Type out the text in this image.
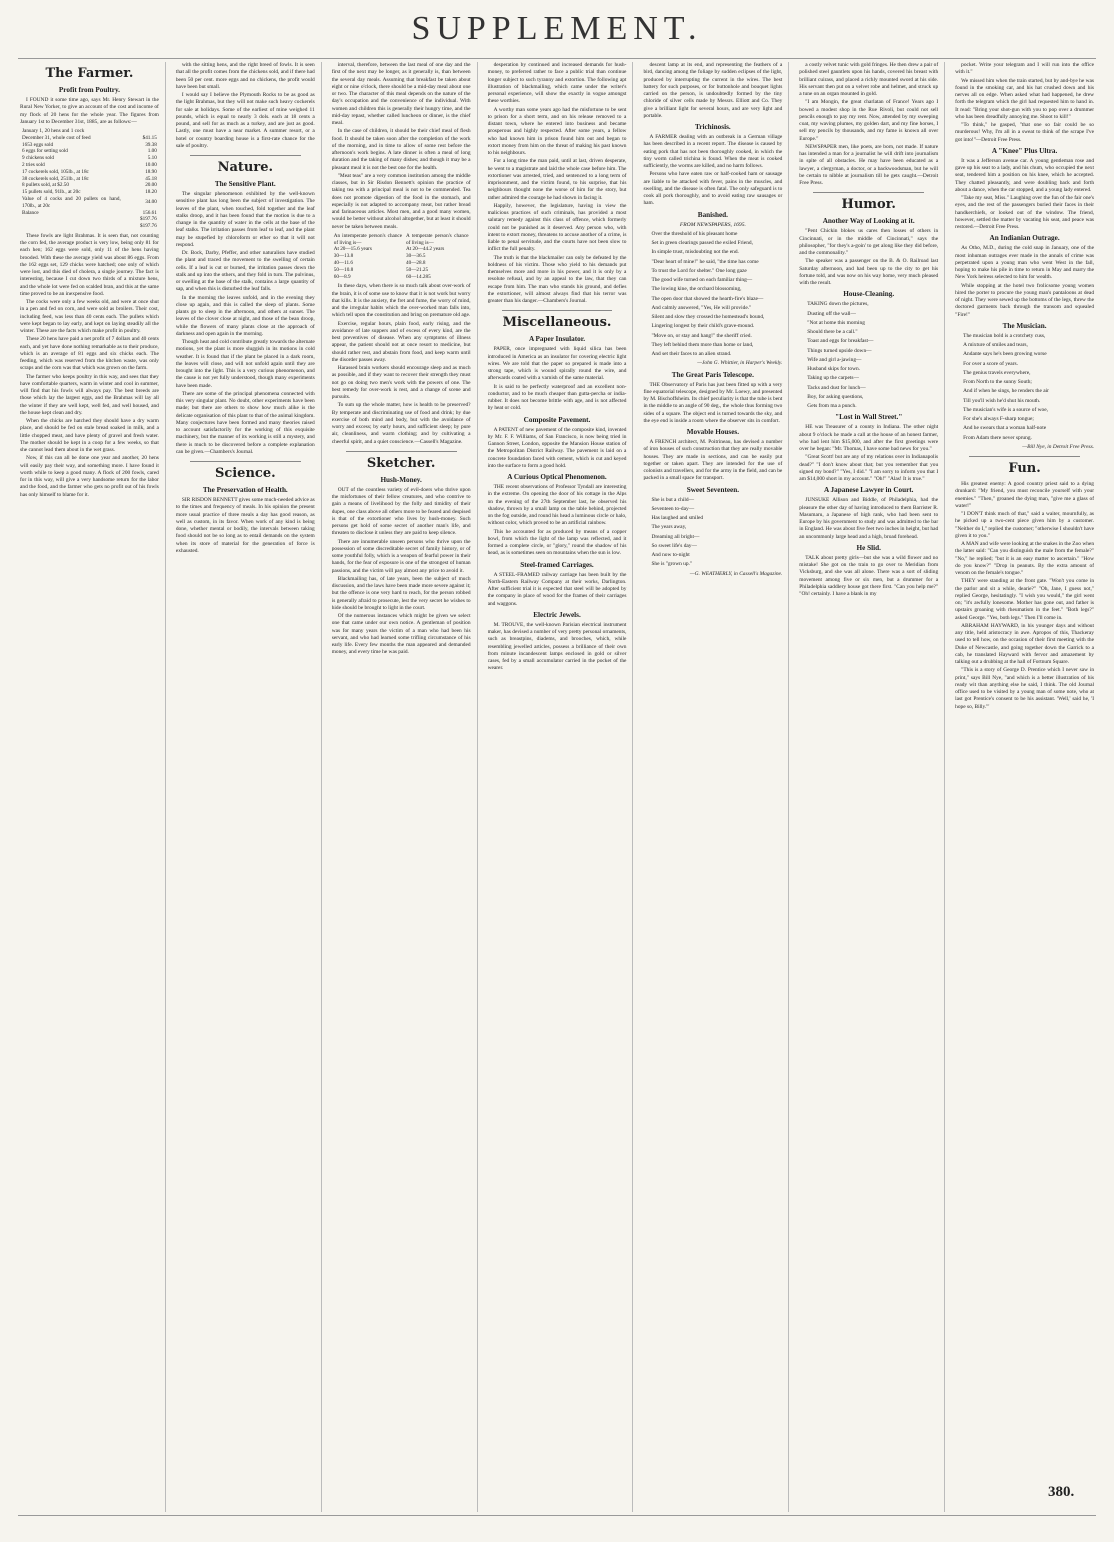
SUPPLEMENT.
The Farmer.
Profit from Poultry.

I FOUND it some time ago, says Mr. Henry Stewart in the Rural New Yorker, to give an account of the cost and income of my flock of 20 hens for the whole year. The figures from January 1st to December 31st, 1885, are as follows:—

January 1, 20 hens and 1 cock	
December 31, whole cost of feed	$41.15
1653 eggs sold	39.38
6 eggs for setting sold	1.00
9 chickens sold	5.10
2 tries sold	10.00
17 cockerels sold, 105lb., at 18c	18.90
38 cockerels sold, 251lb., at 18c	45.18
8 pullets sold, at $2.50	20.00
15 pullets sold, 91lb., at 20c	18.20
Value of 4 cocks and 20 pullets on hand, 170lb., at 20c	34.00
Balance	156.61
	$197.76 $197.76

These fowls are light Brahmas. It is seen that, not counting the corn fed, the average product is very low, being only 81 for each hen; 162 eggs were sold, only 11 of the hens having brooded. With these the average yield was about 86 eggs. From the 162 eggs set, 129 chicks were hatched; one only of which were lost, and this died of cholera, a single journey. The fact is interesting, because I cut down two thirds of a mixture hens, and the whole lot were fed on scalded bran, and this at the same time proved to be an inexpensive food.

The cocks were only a few weeks old, and were at once shut in a pen and fed on corn, and were sold as broilers. Their cost, including feed, was less than 40 cents each. The pullets which were kept began to lay early, and kept on laying steadily all the winter. These are the facts which make profit in poultry.

These 20 hens have paid a net profit of 7 dollars and 40 cents each, and yet have done nothing remarkable as to their produce, which is an average of 81 eggs and six chicks each. The feeding, which was reserved from the kitchen waste, was only scraps and the corn was that which was grown on the farm.

The farmer who keeps poultry in this way, and sees that they have comfortable quarters, warm in winter and cool in summer, will find that his fowls will always pay. The best breeds are those which lay the largest eggs, and the Brahmas will lay all the winter if they are well kept, well fed, and well housed, and the house kept clean and dry.

When the chicks are hatched they should have a dry warm place, and should be fed on stale bread soaked in milk, and a little chopped meat, and have plenty of gravel and fresh water. The mother should be kept in a coop for a few weeks, so that she cannot lead them about in the wet grass.

Now, if this can all be done one year and another, 20 hens will easily pay their way, and something more. I have found it worth while to keep a good many. A flock of 200 fowls, cared for in this way, will give a very handsome return for the labor and the food, and the farmer who gets no profit out of his fowls has only himself to blame for it.

with the sitting hens, and the right breed of fowls. It is seen that all the profit comes from the chickens sold, and if there had been 50 per cent. more eggs and no chickens, the profit would have been but small.

I would say I believe the Plymouth Rocks to be as good as the light Brahmas, but they will not make such heavy cockerels for sale at holidays. Some of the earliest of mine weighed 11 pounds, which is equal to nearly 3 dols. each at 18 cents a pound, and sell for as much as a turkey, and are just as good. Lastly, one must have a near market. A summer resort, or a hotel or country boarding house is a first-rate chance for the sale of poultry.

Nature.
The Sensitive Plant.

The singular phenomenon exhibited by the well-known sensitive plant has long been the subject of investigation. The leaves of the plant, when touched, fold together and the leaf stalks droop, and it has been found that the motion is due to a change in the quantity of water in the cells at the base of the leaf stalks. The irritation passes from leaf to leaf, and the plant may be stupefied by chloroform or ether so that it will not respond.

Dr. Bock, Darby, Pfeffer, and other naturalists have studied the plant and traced the movement to the swelling of certain cells. If a leaf is cut or burned, the irritation passes down the stalk and up into the others, and they fold in turn. The pulvinus, or swelling at the base of the stalk, contains a large quantity of sap, and when this is disturbed the leaf falls.

In the morning the leaves unfold, and in the evening they close up again, and this is called the sleep of plants. Some plants go to sleep in the afternoon, and others at sunset. The leaves of the clover close at night, and those of the bean droop, while the flowers of many plants close at the approach of darkness and open again in the morning.

Though heat and cold contribute greatly towards the alternate motions, yet the plant is more sluggish in its motions in cold weather. It is found that if the plant be placed in a dark room, the leaves will close, and will not unfold again until they are brought into the light. This is a very curious phenomenon, and the cause is not yet fully understood, though many experiments have been made.

There are some of the principal phenomena connected with this very singular plant. No doubt, other experiments have been made; but there are others to show how much alike is the delicate organisation of this plant to that of the animal kingdom. Many conjectures have been formed and many theories raised to account satisfactorily for the working of this exquisite machinery, but the manner of its working is still a mystery, and there is much to be discovered before a complete explanation can be given.—Chambers's Journal.

Science.
The Preservation of Health.

SIR RISDON BENNETT gives some much-needed advice as to the times and frequency of meals. In his opinion the present more usual practice of three meals a day has good reason, as well as custom, in its favor. When work of any kind is being done, whether mental or bodily, the intervals between taking food should not be so long as to entail demands on the system when its store of material for the generation of force is exhausted.

interval, therefore, between the last meal of one day and the first of the next may be longer, as it generally is, than between the several day meals. Assuming that breakfast be taken about eight or nine o'clock, there should be a mid-day meal about one or two. The character of this meal depends on the nature of the day's occupation and the convenience of the individual. With women and children this is generally their hungry time, and the mid-day repast, whether called luncheon or dinner, is the chief meal.

In the case of children, it should be their chief meal of flesh food. It should be taken soon after the completion of the work of the morning, and in time to allow of some rest before the afternoon's work begins. A late dinner is often a meal of long duration and the taking of many dishes; and though it may be a pleasant meal it is not the best one for the health.

"Meat teas" are a very common institution among the middle classes, but in Sir Risdon Bennett's opinion the practice of taking tea with a principal meal is not to be commended. Tea does not promote digestion of the food in the stomach, and especially is not adapted to accompany meat, but rather bread and farinaceous articles. Most men, and a good many women, would be better without alcohol altogether, but at least it should never be taken between meals.

An intemperate person's chance of living is—	A temperate person's chance of living is—
At 20—15.6 years	At 20—44.2 years
30—13.8	30—36.5
40—11.6	40—28.8
50—10.8	50—21.25
60—8.9	60—14.285

In these days, when there is so much talk about over-work of the brain, it is of some use to know that it is not work but worry that kills. It is the anxiety, the fret and fume, the worry of mind, and the irregular habits which the over-worked man falls into, which tell upon the constitution and bring on premature old age.

Exercise, regular hours, plain food, early rising, and the avoidance of late suppers and of excess of every kind, are the best preventives of disease. When any symptoms of illness appear, the patient should not at once resort to medicine, but should rather rest, and abstain from food, and keep warm until the disorder passes away.

Harassed brain workers should encourage sleep and as much as possible, and if they want to recover their strength they must not go on doing two men's work with the powers of one. The best remedy for over-work is rest, and a change of scene and pursuits.

To sum up the whole matter, how is health to be preserved? By temperate and discriminating use of food and drink; by due exercise of both mind and body, but with the avoidance of worry and excess; by early hours, and sufficient sleep; by pure air, cleanliness, and warm clothing; and by cultivating a cheerful spirit, and a quiet conscience.—Cassell's Magazine.

Sketcher.
Hush-Money.

OUT of the countless variety of evil-doers who thrive upon the misfortunes of their fellow creatures, and who contrive to gain a means of livelihood by the folly and timidity of their dupes, one class above all others more to be feared and despised is that of the extortioner who lives by hush-money. Such persons get hold of some secret of another man's life, and threaten to disclose it unless they are paid to keep silence.

There are innumerable unseen persons who thrive upon the possession of some discreditable secret of family history, or of some youthful folly, which is a weapon of fearful power in their hands, for the fear of exposure is one of the strongest of human passions, and the victim will pay almost any price to avoid it.

Blackmailing has, of late years, been the subject of much discussion, and the laws have been made more severe against it; but the offence is one very hard to reach, for the person robbed is generally afraid to prosecute, lest the very secret he wishes to hide should be brought to light in the court.

Of the numerous instances which might be given we select one that came under our own notice. A gentleman of position was for many years the victim of a man who had been his servant, and who had learned some trifling circumstance of his early life. Every few months the man appeared and demanded money, and every time he was paid.

desperation by continued and increased demands for hush-money, to preferred rather to face a public trial than continue longer subject to such tyranny and extortion. The following apt illustration of blackmailing, which came under the writer's personal experience, will show the exactly in vogue amongst these worthies.

A worthy man some years ago had the misfortune to be sent to prison for a short term, and on his release removed to a distant town, where he entered into business and became prosperous and highly respected. After some years, a fellow who had known him in prison found him out and began to extort money from him on the threat of making his past known to his neighbours.

For a long time the man paid, until at last, driven desperate, he went to a magistrate and laid the whole case before him. The extortioner was arrested, tried, and sentenced to a long term of imprisonment, and the victim found, to his surprise, that his neighbours thought none the worse of him for the story, but rather admired the courage he had shown in facing it.

Happily, however, the legislature, having in view the malicious practices of such criminals, has provided a most salutary remedy against this class of offence, which formerly could not be punished as it deserved. Any person who, with intent to extort money, threatens to accuse another of a crime, is liable to penal servitude, and the courts have not been slow to inflict the full penalty.

The truth is that the blackmailer can only be defeated by the boldness of his victim. Those who yield to his demands put themselves more and more in his power, and it is only by a resolute refusal, and by an appeal to the law, that they can escape from him. The man who stands his ground, and defies the extortioner, will almost always find that his terror was greater than his danger.—Chambers's Journal.

Miscellaneous.
A Paper Insulator.

PAPER, once impregnated with liquid silica has been introduced in America as an insulator for covering electric light wires. We are told that the paper so prepared is made into a strong tape, which is wound spirally round the wire, and afterwards coated with a varnish of the same material.

It is said to be perfectly waterproof and an excellent non-conductor, and to be much cheaper than gutta-percha or india-rubber. It does not become brittle with age, and is not affected by heat or cold.

Composite Pavement.

A PATENT of new pavement of the composite kind, invented by Mr. F. F. Williams, of San Francisco, is now being tried in Gannon Street, London, opposite the Mansion House station of the Metropolitan District Railway. The pavement is laid on a concrete foundation faced with cement, which is cut and keyed into the surface to form a good hold.

A Curious Optical Phenomenon.

THE recent observations of Professor Tyndall are interesting in the extreme. On opening the door of his cottage in the Alps on the evening of the 27th September last, he observed his shadow, thrown by a small lamp on the table behind, projected on the fog outside, and round his head a luminous circle or halo, without color, which proved to be an artificial rainbow.

This he accounted for as produced by means of a copper bowl, from which the light of the lamp was reflected, and it formed a complete circle, or "glory," round the shadow of his head, as is sometimes seen on mountains when the sun is low.

Steel-framed Carriages.

A STEEL-FRAMED railway carriage has been built by the North-Eastern Railway Company at their works, Darlington. After sufficient trial it is expected that steel will be adopted by the company in place of wood for the frames of their carriages and waggons.

Electric Jewels.

M. TROUVE, the well-known Parisian electrical instrument maker, has devised a number of very pretty personal ornaments, such as breastpins, diadems, and brooches, which, while resembling jewelled articles, possess a brilliance of their own from minute incandescent lamps enclosed in gold or silver cases, fed by a small accumulator carried in the pocket of the wearer.

descent lamp at its end, and representing the feathers of a bird, dancing among the foliage by sudden eclipses of the light, produced by interrupting the current in the wires. The best battery for such purposes, or for buttonhole and bouquet lights carried on the person, is undoubtedly formed by the tiny chloride of silver cells made by Messrs. Elliott and Co. They give a brilliant light for several hours, and are very light and portable.

Trichinosis.

A FARMER dealing with an outbreak in a German village has been described in a recent report. The disease is caused by eating pork that has not been thoroughly cooked, in which the tiny worm called trichina is found. When the meat is cooked sufficiently, the worms are killed, and no harm follows.

Persons who have eaten raw or half-cooked ham or sausage are liable to be attacked with fever, pains in the muscles, and swelling, and the disease is often fatal. The only safeguard is to cook all pork thoroughly, and to avoid eating raw sausages or ham.

Banished.
FROM NEWSPAPERS, 1695.

Over the threshold of his pleasant home

Set in green clearings passed the exiled Friend,

In simple trust, misdoubting not the end.

"Dear heart of mine!" he said, "the time has come

To trust the Lord for shelter." One long gaze

The good wife turned on each familiar thing—

The lowing kine, the orchard blossoming,

The open door that showed the hearth-fire's blaze—

And calmly answered, "Yes, He will provide."

Silent and slow they crossed the homestead's bound,

Lingering longest by their child's grave-mound.

"Move on, or stay and hang!" the sheriff cried.

They left behind them more than home or land,

And set their faces to an alien strand.

—John G. Whittier, in Harper's Weekly.
The Great Paris Telescope.

THE Observatory of Paris has just been fitted up with a very fine equatorial telescope, designed by Mr. Loewy, and presented by M. Bischoffsheim. Its chief peculiarity is that the tube is bent in the middle to an angle of 90 deg., the whole thus forming two sides of a square. The object end is turned towards the sky, and the eye end is inside a room where the observer sits in comfort.

Movable Houses.

A FRENCH architect, M. Poitrineau, has devised a number of iron houses of such construction that they are really movable houses. They are made in sections, and can be easily put together or taken apart. They are intended for the use of colonists and travellers, and for the army in the field, and can be packed in a small space for transport.

Sweet Seventeen.

She is but a child—

Seventeen to-day—

Has laughed and smiled

The years away,

Dreaming all bright—

So sweet life's day—

And now to-night

She is "grown up."

—G. WEATHERLY, in Cassell's Magazine.

a costly velvet tunic with gold fringes. He then drew a pair of polished steel gauntlets upon his hands, covered his breast with brilliant cuirass, and placed a richly mounted sword at his side. His servant then put on a velvet robe and helmet, and struck up a tune on an organ mounted in gold.

"I am Mongin, the great charlatan of France! Years ago I bowed a modest shop in the Rue Rivoli, but could not sell pencils enough to pay my rent. Now, attended by my sweeping coat, my waving plumes, my golden dart, and my fine horses, I sell my pencils by thousands, and my fame is known all over Europe."

NEWSPAPER men, like poets, are born, not made. If nature has intended a man for a journalist he will drift into journalism in spite of all obstacles. He may have been educated as a lawyer, a clergyman, a doctor, or a backwoodsman, but he will be certain to nibble at journalism till he gets caught.—Detroit Free Press.

Humor.
Another Way of Looking at it.

"Pent Chickin blokes us cares then losses of others in Cincinnati, or in the middle of Cincinnati," says the philosopher, "for they's a-goin' to get along like they did before, and the commonality."

The speaker was a passenger on the B. & O. Railroad last Saturday afternoon, and had been up to the city to get his fortune told, and was now on his way home, very much pleased with the result.

House-Cleaning.

TAKING down the pictures,

Dusting off the wall—

"Not at home this morning

Should there be a call."

Toast and eggs for breakfast—

Things turned upside down—

Wife and girl a-jawing—

Husband skips for town.

Taking up the carpets—

Tacks and dust for lunch—

Boy, for asking questions,

Gets from ma a punch.

"Lost in Wall Street."

HE was Treasurer of a county in Indiana. The other night about 9 o'clock he made a call at the house of an honest farmer, who had lent him $15,000, and after the first greetings were over he began: "Mr. Thomas, I have some bad news for you."

"Great Scott! but are any of my relations over in Indianapolis dead?" "I don't know about that; but you remember that you signed my bond?" "Yes, I did." "I am sorry to inform you that I am $14,000 short in my account." "Oh!" "Alas! It is true."

A Japanese Lawyer in Court.

JUNSUKE Allison and Biddle, of Philadelphia, had the pleasure the other day of having introduced to them Barrister R. Masumaru, a Japanese of high rank, who had been sent to Europe by his government to study and was admitted to the bar in England. He was about five feet two inches in height, but had an uncommonly large head and a high, broad forehead.

He Slid.

TALK about pretty girls—but she was a wild flower and no mistake! She got on the train to go over to Meridian from Vicksburg, and she was all alone. There was a sort of sliding movement among five or six men, but a drummer for a Philadelphia saddlery house got there first. "Can you help me?" "Oh! certainly. I have a blank in my

pocket. Write your telegram and I will run into the office with it."

We missed him when the train started, but by and-bye he was found in the smoking car, and his hat crushed down and his nerves all on edge. When asked what had happened, he drew forth the telegram which the girl had requested him to hand in. It read: "Bring your shot-gun with you to pop over a drummer who has been dreadfully annoying me. Shoot to kill!"

"To think," he gasped, "that one so fair could be so murderous! Why, I'm all in a sweat to think of the scrape I've got into!"—Detroit Free Press.

A "Knee" Plus Ultra.

It was a Jefferson avenue car. A young gentleman rose and gave up his seat to a lady, and his chum, who occupied the next seat, tendered him a position on his knee, which he accepted. They chatted pleasantly, and were doubling back and forth about a dance, when the car stopped, and a young lady entered.

"Take my seat, Miss." Laughing over the fun of the fair one's eyes, and the rest of the passengers buried their faces in their handkerchiefs, or looked out of the window. The friend, however, settled the matter by vacating his seat, and peace was restored.—Detroit Free Press.

An Indianian Outrage.

As Otho, M.D., during the cold snap in January, one of the most inhuman outrages ever made in the annals of crime was perpetrated upon a young man who went West in the fall, hoping to make his pile in time to return in May and marry the New York heiress selected to him for wealth.

While stopping at the hotel two frolicsome young women hired the porter to procure the young man's pantaloons at dead of night. They were sewed up the bottoms of the legs, threw the doctored garments back through the transom and squealed "Fire!"

The Musician.

The musician bold is a crotchety cuss,

A mixture of smiles and tears,

Andante says he's been growing worse

For over a score of years.

The genius travels everywhere,

From North to the sunny South;

And if when he sings, he renders the air

Till you'll wish he'd shut his mouth.

The musician's wife is a source of woe,

For she's always F-sharp tongue;

And he swears that a woman half-note

From Adam there never sprung.

—Bill Nye, in Detroit Free Press.
Fun.

His greatest enemy: A good country priest said to a dying drunkard: "My friend, you must reconcile yourself with your enemies." "Then," groaned the dying man, "give me a glass of water!"

"I DON'T think much of that," said a waiter, mournfully, as he picked up a two-cent piece given him by a customer. "Neither do I," replied the customer; "otherwise I shouldn't have given it to you."

A MAN and wife were looking at the snakes in the Zoo when the latter said: "Can you distinguish the male from the female?" "No," he replied; "but it is an easy matter to ascertain." "How do you know?" "Drop in peanuts. By the extra amount of venom on the female's tongue."

THEY were standing at the front gate. "Won't you come in the parlor and sit a while, dearie?" "Oh, Jane, I guess not," replied George, hesitatingly. "I wish you would," the girl went on; "it's awfully lonesome. Mother has gone out, and father is upstairs groaning with rheumatism in the feet." "Both legs?" asked George. "Yes, both legs." Then I'll come in.

ABRAHAM HAYWARD, in his younger days and without any title, held aristocracy in awe. Apropos of this, Thackeray used to tell how, on the occasion of their first meeting with the Duke of Newcastle, and going together down the Garrick to a cab, he translated Hayward with fervor and amazement by talking out a drubbing at the hall of Fortnum Square.

"This is a story of George D. Prentice which I never saw in print," says Bill Nye, "and which is a better illustration of his ready wit than anything else he said, I think. The old Journal office used to be visited by a young man of some note, who at last got Prentice's consent to be his assistant. 'Well,' said he, 'I hope so, Billy.'"

380.
